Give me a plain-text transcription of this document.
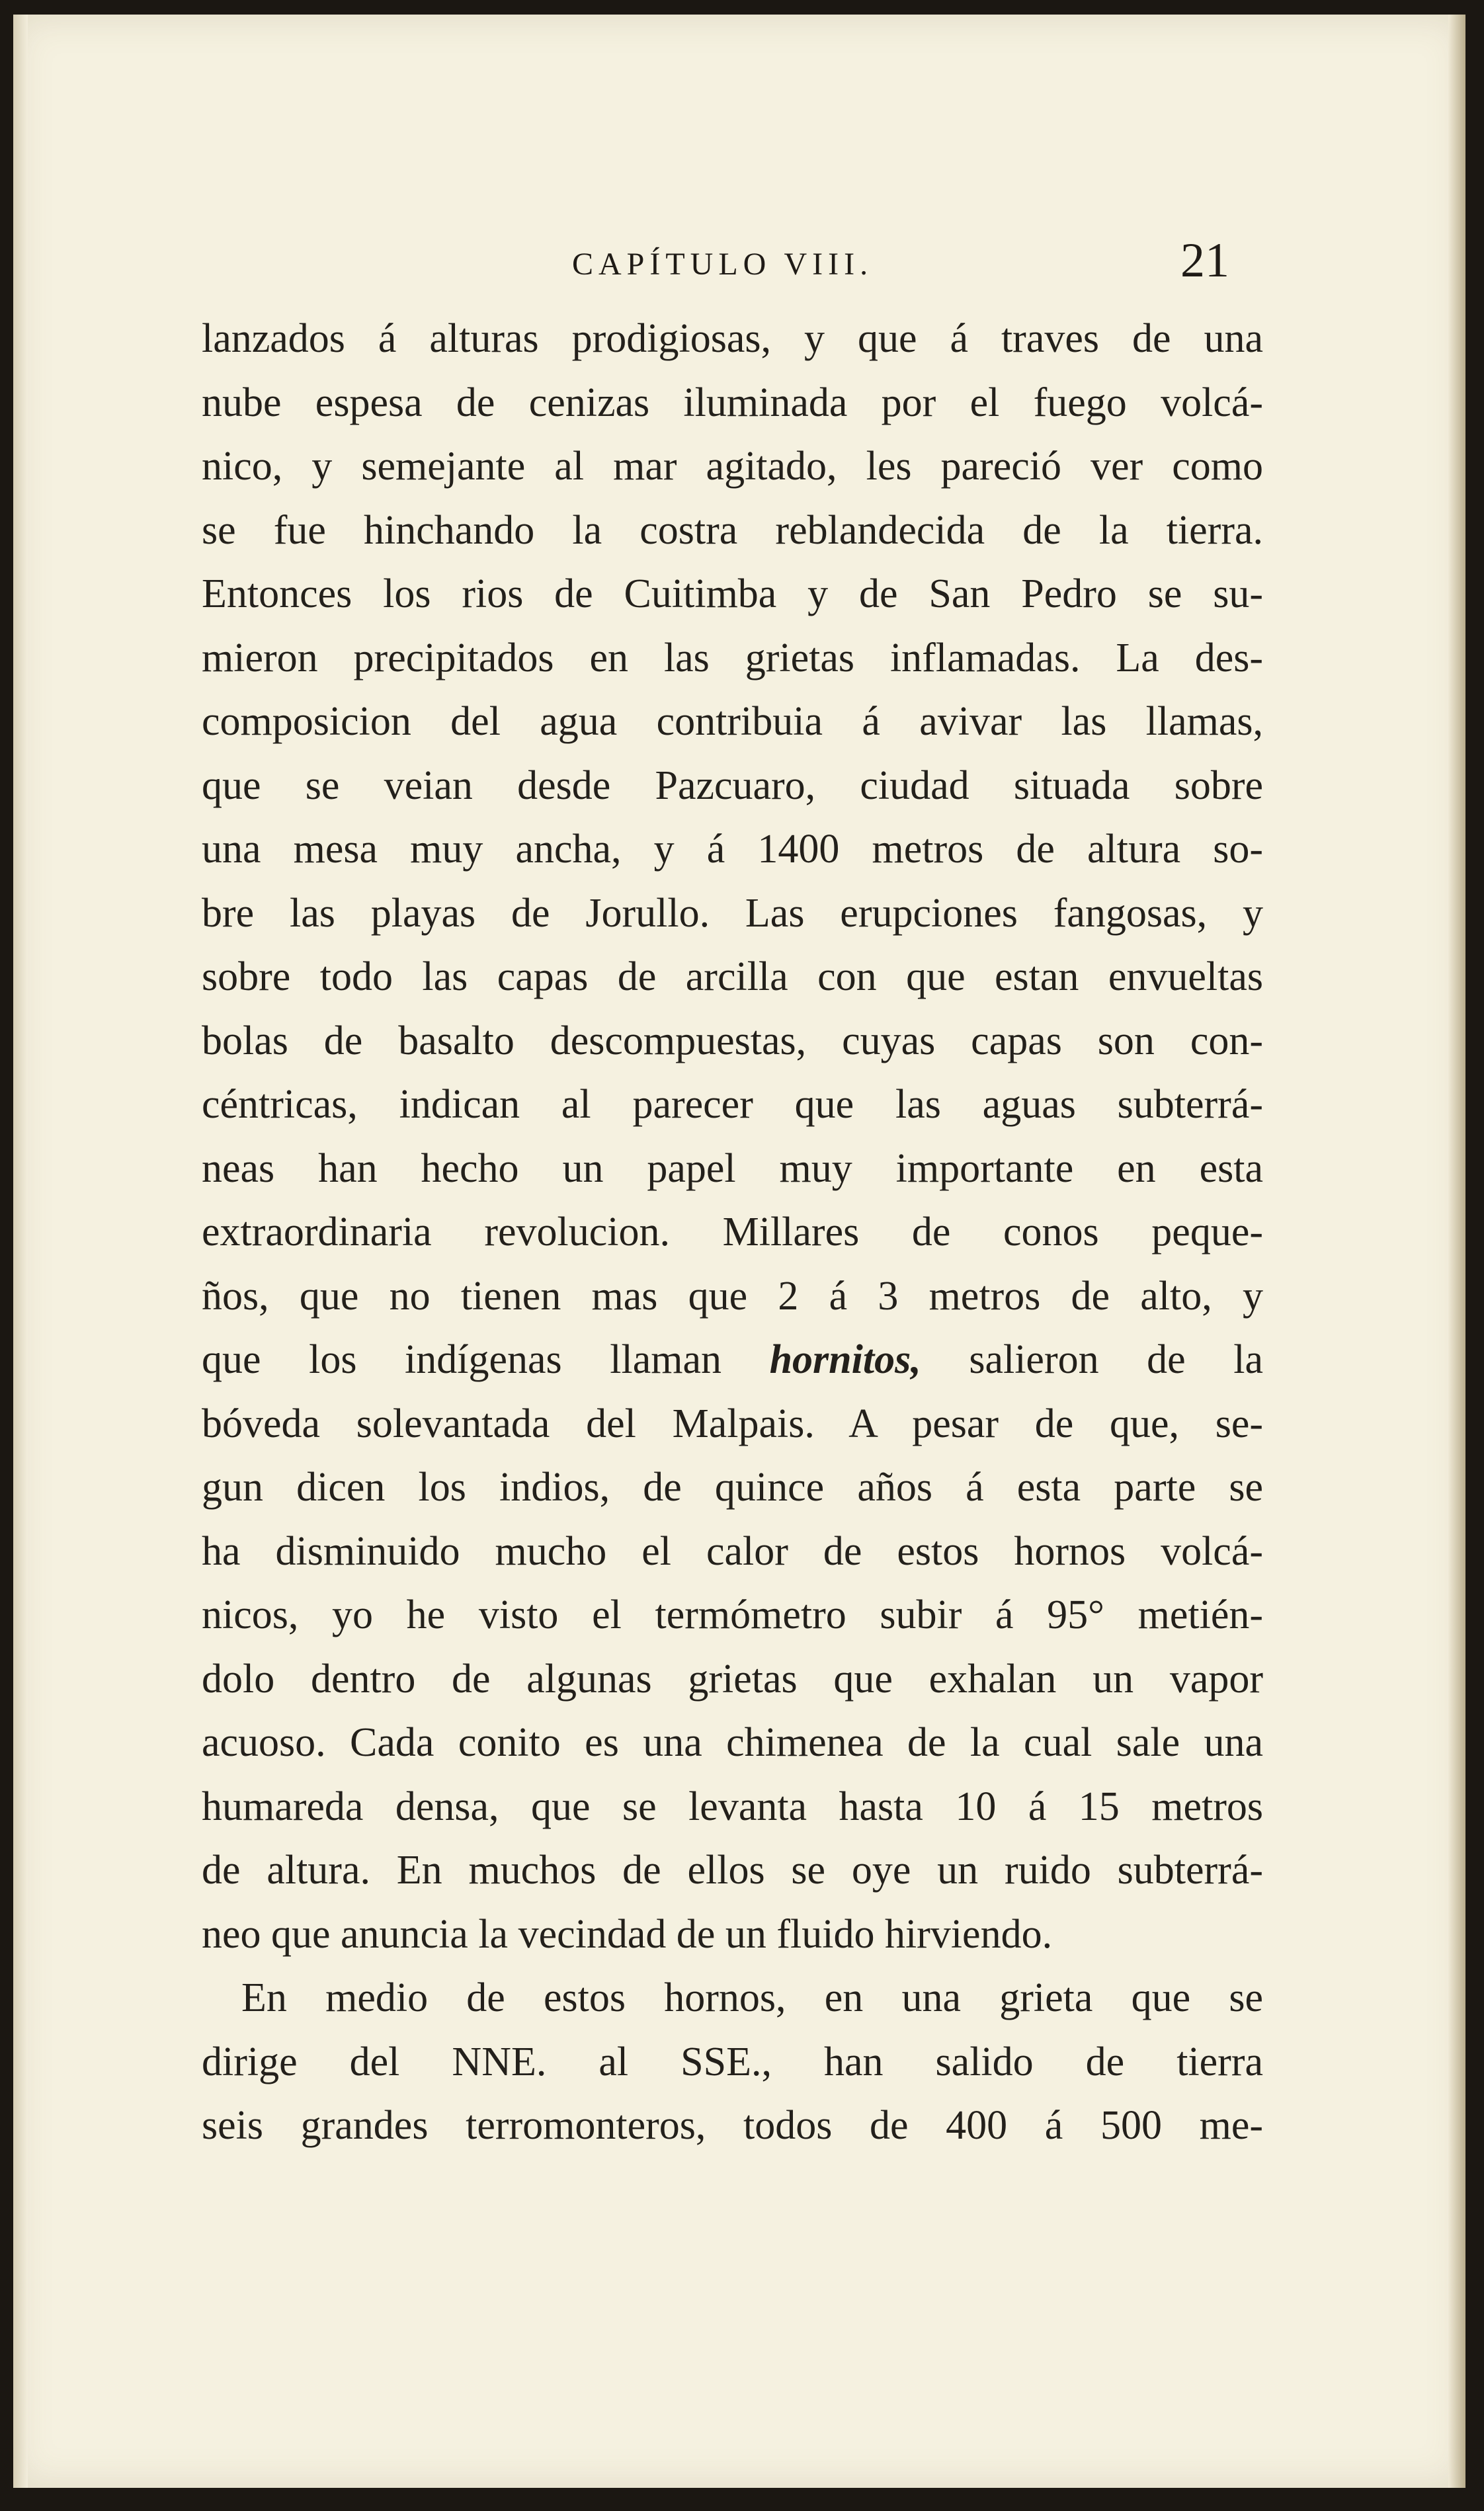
CAPÍTULO VIII.	21
lanzados á alturas prodigiosas, y que á traves de una
nube espesa de cenizas iluminada por el fuego volcá-
nico, y semejante al mar agitado, les pareció ver como
se fue hinchando la costra reblandecida de la tierra.
Entonces los rios de Cuitimba y de San Pedro se su-
mieron precipitados en las grietas inflamadas. La des-
composicion del agua contribuia á avivar las llamas,
que se veian desde Pazcuaro, ciudad situada sobre
una mesa muy ancha, y á 1400 metros de altura so-
bre las playas de Jorullo. Las erupciones fangosas, y
sobre todo las capas de arcilla con que estan envueltas
bolas de basalto descompuestas, cuyas capas son con-
céntricas, indican al parecer que las aguas subterrá-
neas han hecho un papel muy importante en esta
extraordinaria revolucion. Millares de conos peque-
ños, que no tienen mas que 2 á 3 metros de alto, y
que los indígenas llaman hornitos, salieron de la
bóveda solevantada del Malpais. A pesar de que, se-
gun dicen los indios, de quince años á esta parte se
ha disminuido mucho el calor de estos hornos volcá-
nicos, yo he visto el termómetro subir á 95° metién-
dolo dentro de algunas grietas que exhalan un vapor
acuoso. Cada conito es una chimenea de la cual sale una
humareda densa, que se levanta hasta 10 á 15 metros
de altura. En muchos de ellos se oye un ruido subterrá-
neo que anuncia la vecindad de un fluido hirviendo.
En medio de estos hornos, en una grieta que se
dirige del NNE. al SSE., han salido de tierra
seis grandes terromonteros, todos de 400 á 500 me-
